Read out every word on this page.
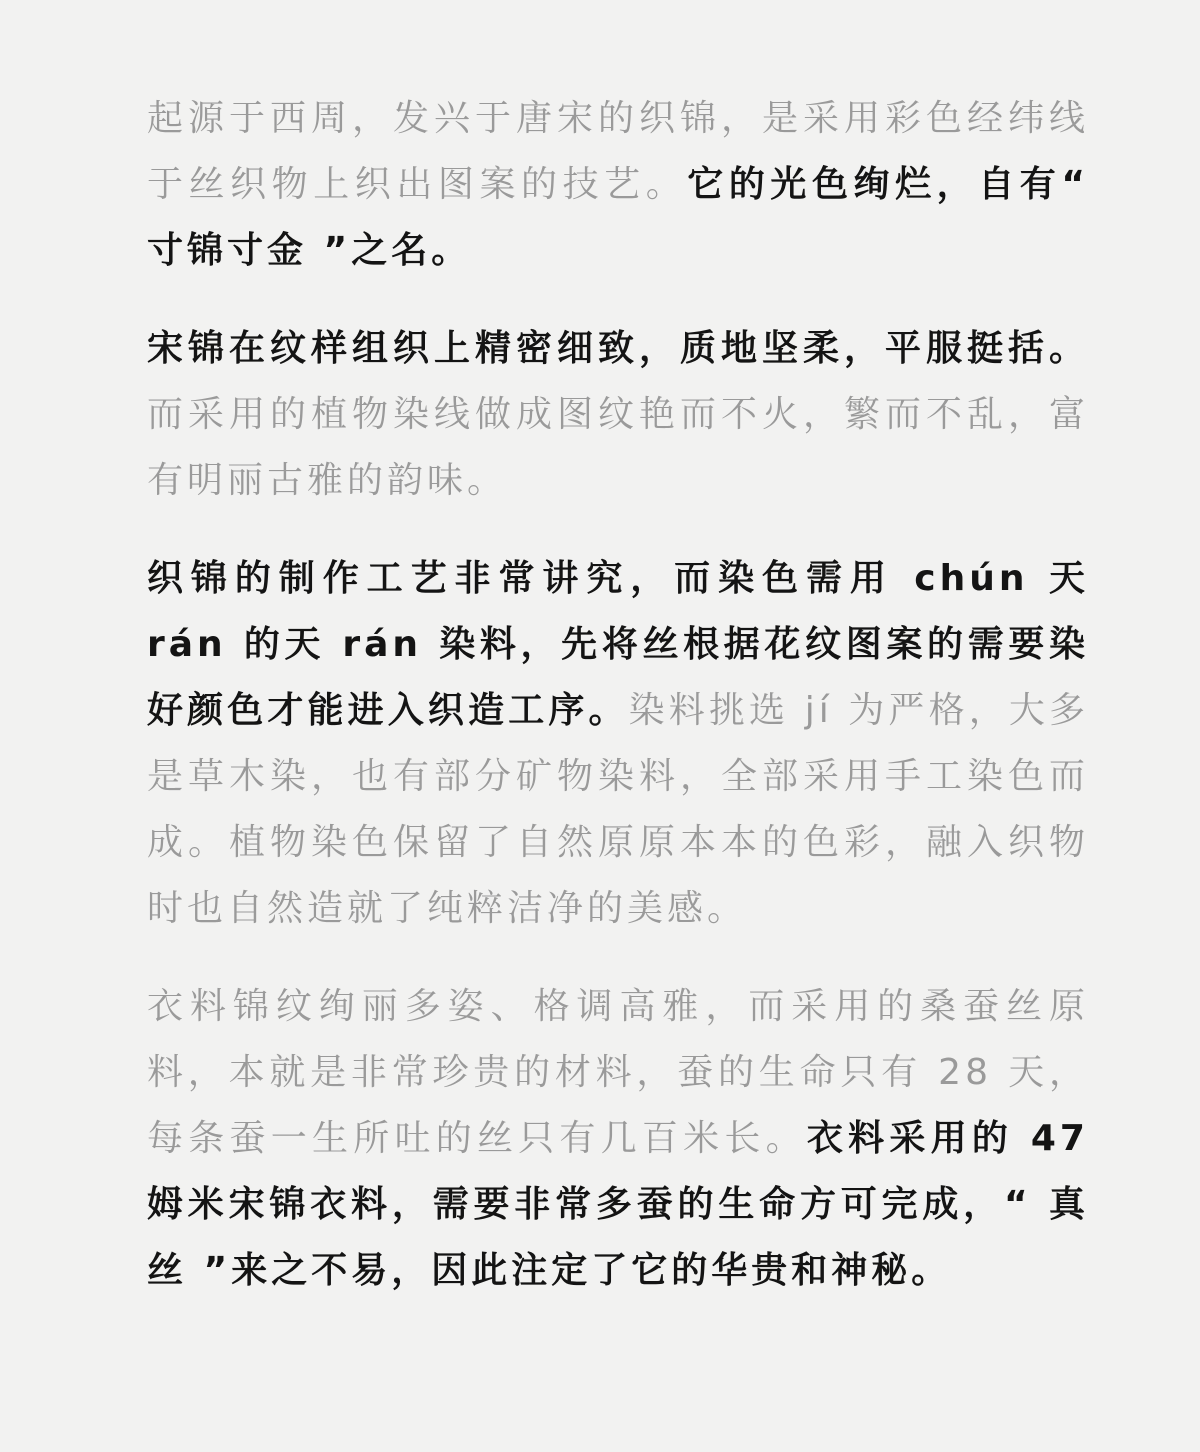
起源于西周，发兴于唐宋的织锦，是采用彩色经纬线于丝织物上织出图案的技艺。它的光色绚烂，自有“ 寸锦寸金 ”之名。

宋锦在纹样组织上精密细致，质地坚柔，平服挺括。而采用的植物染线做成图纹艳而不火，繁而不乱，富有明丽古雅的韵味。

织锦的制作工艺非常讲究，而染色需用 chún 天 rán 的天 rán 染料，先将丝根据花纹图案的需要染好颜色才能进入织造工序。染料挑选 jí 为严格，大多是草木染，也有部分矿物染料，全部采用手工染色而成。植物染色保留了自然原原本本的色彩，融入织物时也自然造就了纯粹洁净的美感。

衣料锦纹绚丽多姿、格调高雅，而采用的桑蚕丝原料，本就是非常珍贵的材料，蚕的生命只有 28 天，每条蚕一生所吐的丝只有几百米长。衣料采用的 47 姆米宋锦衣料，需要非常多蚕的生命方可完成，“ 真丝 ”来之不易，因此注定了它的华贵和神秘。
